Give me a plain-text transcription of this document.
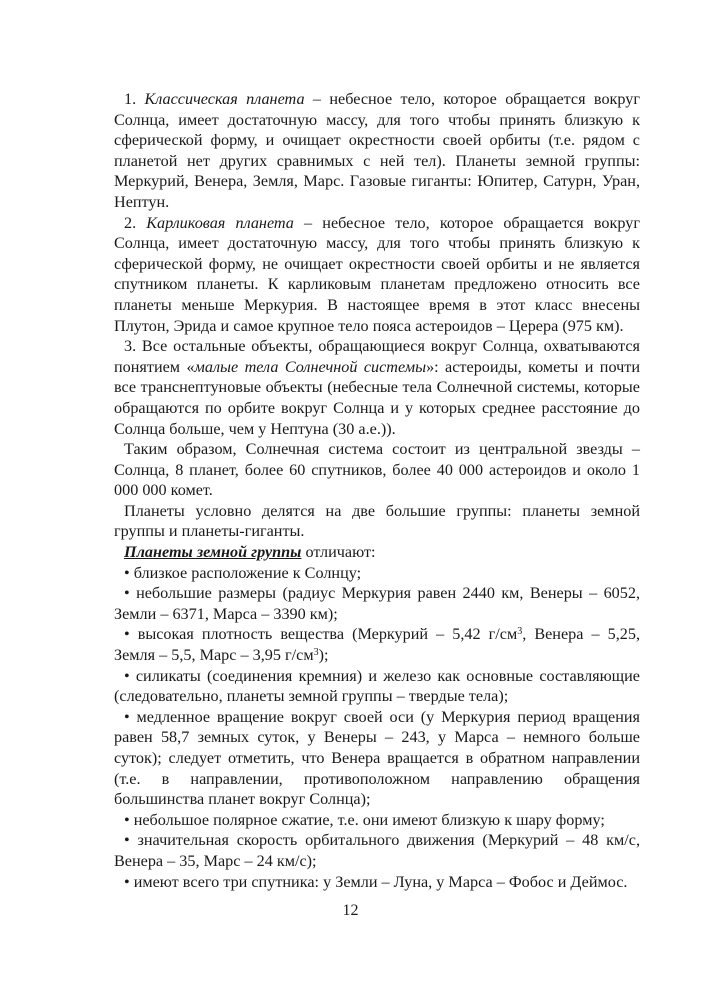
1. Классическая планета – небесное тело, которое обращается вокруг Солнца, имеет достаточную массу, для того чтобы принять близкую к сферической форму, и очищает окрестности своей орбиты (т.е. рядом с планетой нет других сравнимых с ней тел). Планеты земной группы: Меркурий, Венера, Земля, Марс. Газовые гиганты: Юпитер, Сатурн, Уран, Нептун.

2. Карликовая планета – небесное тело, которое обращается вокруг Солнца, имеет достаточную массу, для того чтобы принять близкую к сферической форму, не очищает окрестности своей орбиты и не является спутником планеты. К карликовым планетам предложено относить все планеты меньше Меркурия. В настоящее время в этот класс внесены Плутон, Эрида и самое крупное тело пояса астероидов – Церера (975 км).

3. Все остальные объекты, обращающиеся вокруг Солнца, охватываются понятием «малые тела Солнечной системы»: астероиды, кометы и почти все транснептуновые объекты (небесные тела Солнечной системы, которые обращаются по орбите вокруг Солнца и у которых среднее расстояние до Солнца больше, чем у Нептуна (30 а.е.)).

Таким образом, Солнечная система состоит из центральной звезды – Солнца, 8 планет, более 60 спутников, более 40 000 астероидов и около 1 000 000 комет.

Планеты условно делятся на две большие группы: планеты земной группы и планеты-гиганты.

Планеты земной группы отличают:

• близкое расположение к Солнцу;

• небольшие размеры (радиус Меркурия равен 2440 км, Венеры – 6052, Земли – 6371, Марса – 3390 км);

• высокая плотность вещества (Меркурий – 5,42 $г/см^3$, Венера – 5,25, Земля – 5,5, Марс – 3,95 $г/см^3$);

• силикаты (соединения кремния) и железо как основные составляющие (следовательно, планеты земной группы – твердые тела);

• медленное вращение вокруг своей оси (у Меркурия период вращения равен 58,7 земных суток, у Венеры – 243, у Марса – немного больше суток); следует отметить, что Венера вращается в обратном направлении (т.е. в направлении, противоположном направлению обращения большинства планет вокруг Солнца);

• небольшое полярное сжатие, т.е. они имеют близкую к шару форму;

• значительная скорость орбитального движения (Меркурий – 48 км/с, Венера – 35, Марс – 24 км/с);

• имеют всего три спутника: у Земли – Луна, у Марса – Фобос и Деймос.

12
